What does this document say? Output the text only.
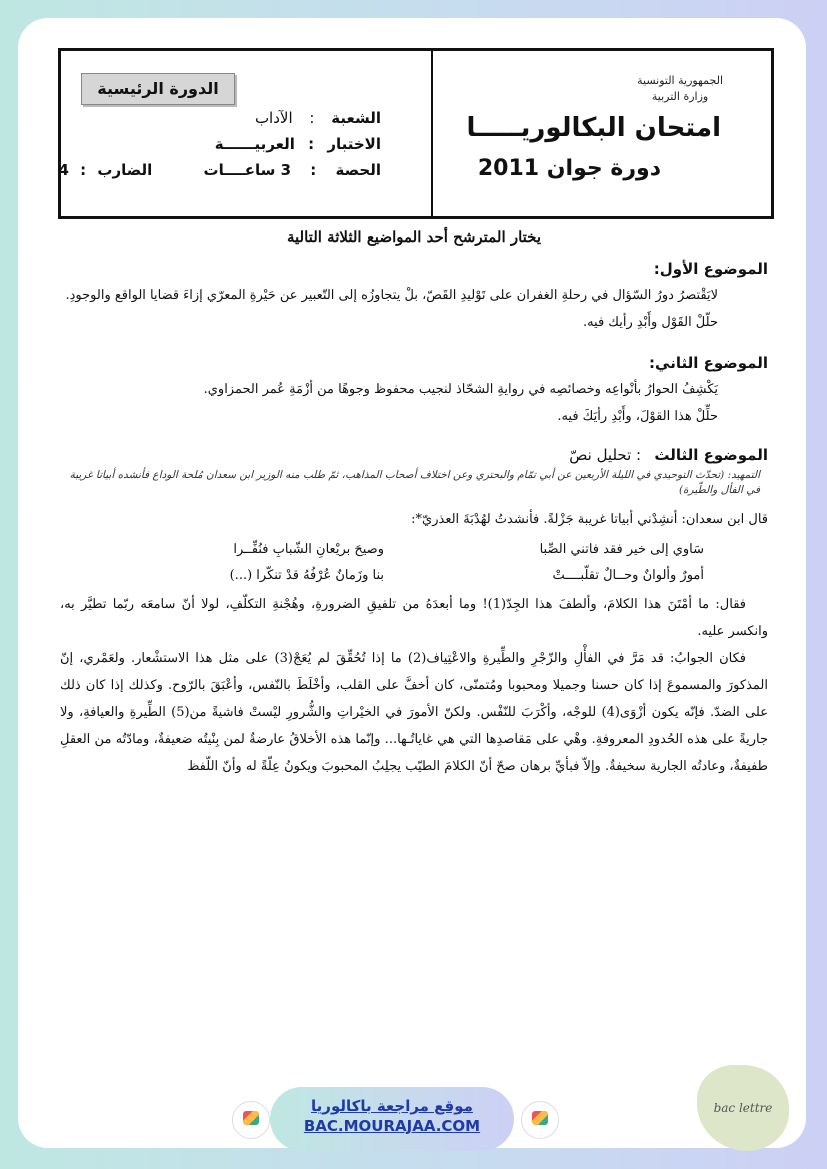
الجمهورية التونسية
وزارة التربية
امتحان البكالوريـــــا
دورة جوان 2011
الدورة الرئيسية
الشعبة : الآداب
الاختبار : العربيــــــة
الحصة : 3 ساعــــات الضارب : 4
يختار المترشح أحد المواضيع الثلاثة التالية
الموضوع الأول:

لايَقْتصرُ دورُ السّؤال في رحلةِ الغفران على تَوْليدِ القَصّ، بلْ يتجاوزُه إلى التّعبير عن حَيْرةِ المعرّي إزاءَ قضايا الواقع والوجودِ.

حلّلْ القَوْل وأَبْدِ رأيك فيه.

الموضوع الثاني:

يَكْشِفُ الحوارُ بأنْواعِه وخصائصِه في روايةِ الشحّاذ لنجيب محفوظ وجوهًا من أزْمَةِ عُمر الحمزاوي.

حلِّلْ هذا القوْلَ، وأَبْدِ رأيَكَ فيه.

الموضوع الثالث : تحليل نصّ

التمهيد: (تحدّث التوحيدي في الليلة الأربعين عن أبي تمّام والبحتري وعن اختلاف أصحاب المذاهب، ثمّ طلب منه الوزير ابن سعدان مُلحة الوداع فأنشده أبياتا غريبة في الفأل والطّيرة)

قال ابن سعدان: أنشِدْني أبياتا غريبة جَزْلةً. فأنشدتُ لهُدْبَةَ العذريّ*:

سَاوي إلى خير فقد فاتني الصِّبا
وصيحَ بريْعانِ الشّبابِ فنُفِّــرا
أمورٌ وألوانٌ وحــالٌ تقلّبــــتْ
بنا وزَمانٌ عُرْفُهُ قدْ تنكّرا (...)

فقال: ما أمْتَنَ هذا الكلامَ، وألطفَ هذا الجِدّ(1)! وما أبعدَهُ من تلفيقِ الضرورةِ، وهُجْنةِ التكلّفِ، لولا أنّ سامعَه ربّما تطيَّر به، وانكسر عليه.

فكان الجوابُ: قد مَرَّ في الفأْلِ والزّجْرِ والطِّيرةِ والاعْتِياف(2) ما إذا تُحُقِّقَ لم يُعَجْ(3) على مثل هذا الاستشْعار. ولعَمْري، إنّ المذكورَ والمسموعَ إذا كان حسنا وجميلا ومحبوبا ومُتمنّى، كان أخفَّ على القلب، وأخْلَطَ بالنّفس، وأعْبَقَ بالرّوح. وكذلك إذا كان ذلك على الضدّ. فإنّه يكون أزْوَى(4) للوجْه، وأكْرَبَ للنّفْس. ولكنّ الأمورَ في الخيْراتِ والشُّرورِ ليْستْ فاشيةً من(5) الطِّيرةِ والعيافةِ، ولا جاريةً على هذه الحُدودِ المعروفةِ. وهْي على مَقاصدِها التي هي غاياتُـها... وإنّما هذه الأخلاقُ عارضةٌ لمن بِنْيتُه ضعيفةٌ، ومادّتُه من العقلِ طفيفةٌ، وعادتُه الجارية سخيفةٌ. وإلاّ فبأيِّ برهان صحّ أنّ الكلامَ الطيّب يجلِبُ المحبوبَ ويكونُ عِلّةً له وأنّ اللّفظ

موقع مراجعة باكالوريا
BAC.MOURAJAA.COM
bac lettre
